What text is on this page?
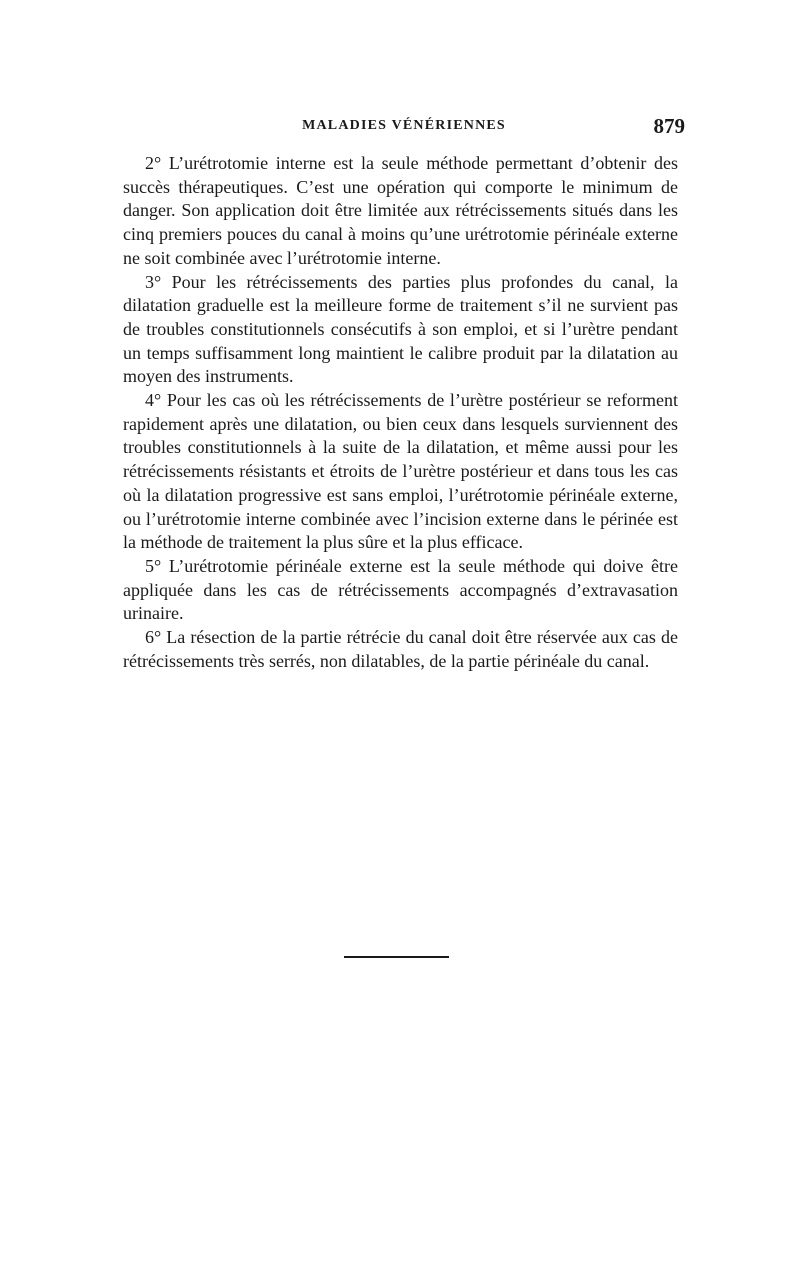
MALADIES VÉNÉRIENNES	879

2° L’urétrotomie interne est la seule méthode permettant d’obtenir des succès thérapeutiques. C’est une opération qui comporte le minimum de danger. Son application doit être limitée aux rétrécissements situés dans les cinq premiers pouces du canal à moins qu’une urétrotomie périnéale externe ne soit combinée avec l’urétrotomie interne.

3° Pour les rétrécissements des parties plus profondes du canal, la dilatation graduelle est la meilleure forme de traitement s’il ne survient pas de troubles constitutionnels consécutifs à son emploi, et si l’urètre pendant un temps suffisamment long maintient le calibre produit par la dilatation au moyen des instruments.

4° Pour les cas où les rétrécissements de l’urètre postérieur se reforment rapidement après une dilatation, ou bien ceux dans lesquels surviennent des troubles constitutionnels à la suite de la dilatation, et même aussi pour les rétrécissements résistants et étroits de l’urètre postérieur et dans tous les cas où la dilatation progressive est sans emploi, l’urétrotomie périnéale externe, ou l’urétrotomie interne combinée avec l’incision externe dans le périnée est la méthode de traitement la plus sûre et la plus efficace.

5° L’urétrotomie périnéale externe est la seule méthode qui doive être appliquée dans les cas de rétrécissements accompagnés d’extravasation urinaire.

6° La résection de la partie rétrécie du canal doit être réservée aux cas de rétrécissements très serrés, non dilatables, de la partie périnéale du canal.
